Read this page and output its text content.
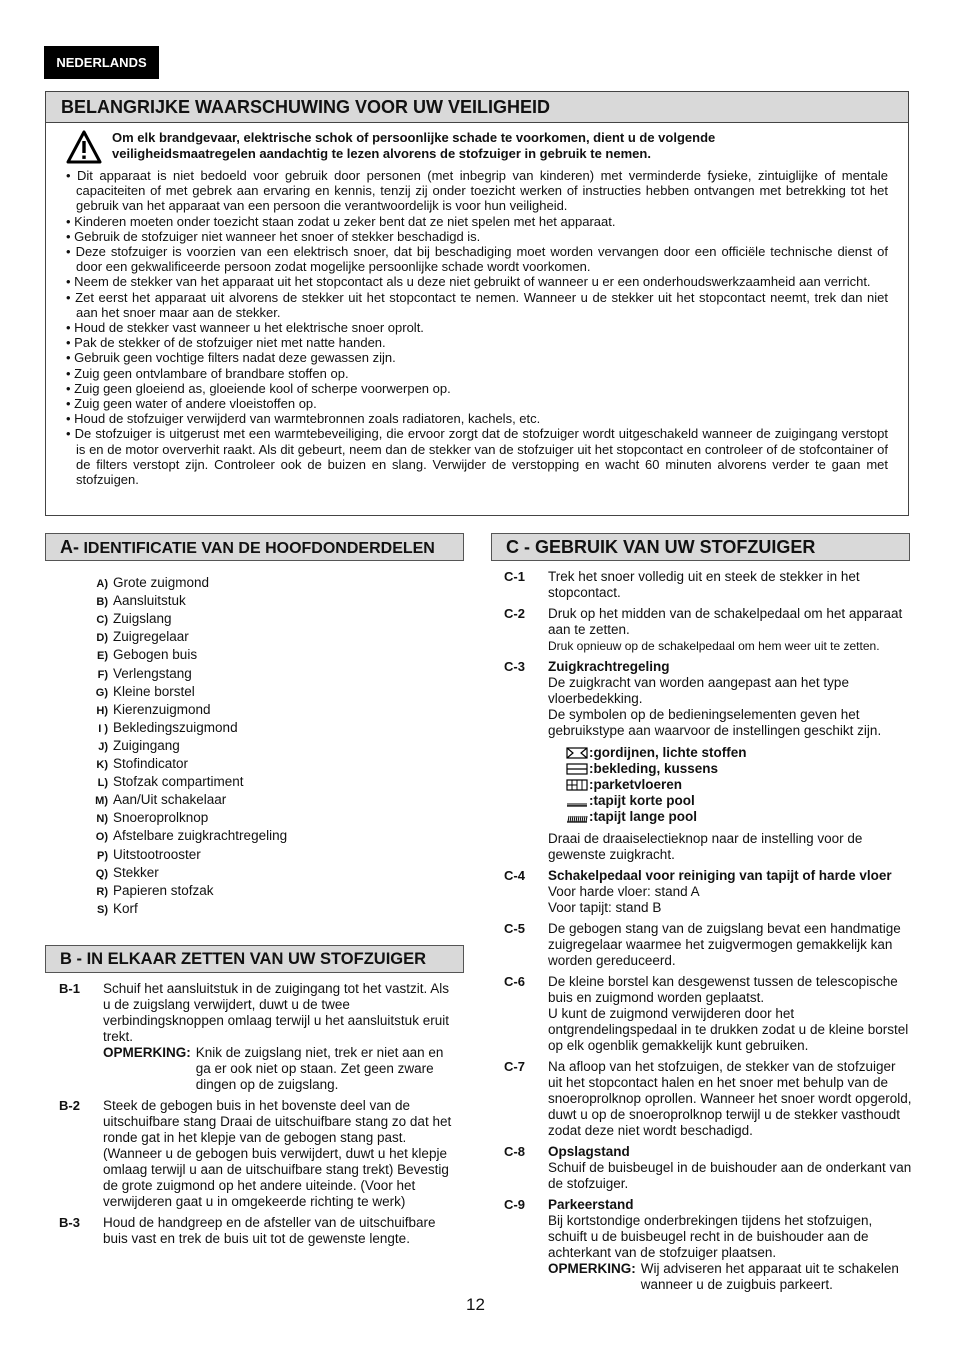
NEDERLANDS
BELANGRIJKE WAARSCHUWING VOOR UW VEILIGHEID
Om elk brandgevaar, elektrische schok of persoonlijke schade te voorkomen, dient u de volgende
veiligheidsmaatregelen aandachtig te lezen alvorens de stofzuiger in gebruik te nemen.
• Dit apparaat is niet bedoeld voor gebruik door personen (met inbegrip van kinderen) met verminderde fysieke, zintuiglijke of mentale capaciteiten of met gebrek aan ervaring en kennis, tenzij zij onder toezicht werken of instructies hebben ontvangen met betrekking tot het gebruik van het apparaat van een persoon die verantwoordelijk is voor hun veiligheid.
• Kinderen moeten onder toezicht staan zodat u zeker bent dat ze niet spelen met het apparaat.
• Gebruik de stofzuiger niet wanneer het snoer of stekker beschadigd is.
• Deze stofzuiger is voorzien van een elektrisch snoer, dat bij beschadiging moet worden vervangen door een officiële technische dienst of door een gekwalificeerde persoon zodat mogelijke persoonlijke schade wordt voorkomen.
• Neem de stekker van het apparaat uit het stopcontact als u deze niet gebruikt of wanneer u er een onderhoudswerkzaamheid aan verricht.
• Zet eerst het apparaat uit alvorens de stekker uit het stopcontact te nemen. Wanneer u de stekker uit het stopcontact neemt, trek dan niet aan het snoer maar aan de stekker.
• Houd de stekker vast wanneer u het elektrische snoer oprolt.
• Pak de stekker of de stofzuiger niet met natte handen.
• Gebruik geen vochtige filters nadat deze gewassen zijn.
• Zuig geen ontvlambare of brandbare stoffen op.
• Zuig geen gloeiend as, gloeiende kool of scherpe voorwerpen op.
• Zuig geen water of andere vloeistoffen op.
• Houd de stofzuiger verwijderd van warmtebronnen zoals radiatoren, kachels, etc.
• De stofzuiger is uitgerust met een warmtebeveiliging, die ervoor zorgt dat de stofzuiger wordt uitgeschakeld wanneer de zuigingang verstopt is en de motor oververhit raakt. Als dit gebeurt, neem dan de stekker van de stofzuiger uit het stopcontact en controleer of de stofcontainer of de filters verstopt zijn. Controleer ook de buizen en slang. Verwijder de verstopping en wacht 60 minuten alvorens verder te gaan met stofzuigen.
A- IDENTIFICATIE VAN DE HOOFDONDERDELEN
A) Grote zuigmond
B) Aansluitstuk
C) Zuigslang
D) Zuigregelaar
E) Gebogen buis
F) Verlengstang
G) Kleine borstel
H) Kierenzuigmond
I ) Bekledingszuigmond
J) Zuigingang
K) Stofindicator
L) Stofzak compartiment
M) Aan/Uit schakelaar
N) Snoeroprolknop
O) Afstelbare zuigkrachtregeling
P) Uitstootrooster
Q) Stekker
R) Papieren stofzak
S) Korf
B - IN ELKAAR ZETTEN VAN UW STOFZUIGER
B-1	Schuif het aansluitstuk in de zuigingang tot het vastzit. Als u de zuigslang verwijdert, duwt u de twee verbindingsknoppen omlaag terwijl u het aansluitstuk eruit trekt.

OPMERKING: Knik de zuigslang niet, trek er niet aan en ga er ook niet op staan. Zet geen zware dingen op de zuigslang.
B-2	Steek de gebogen buis in het bovenste deel van de uitschuifbare stang Draai de uitschuifbare stang zo dat het ronde gat in het klepje van de gebogen stang past. (Wanneer u de gebogen buis verwijdert, duwt u het klepje omlaag terwijl u aan de uitschuifbare stang trekt) Bevestig de grote zuigmond op het andere uiteinde. (Voor het verwijderen gaat u in omgekeerde richting te werk)

B-3	Houd de handgreep en de afsteller van de uitschuifbare buis vast en trek de buis uit tot de gewenste lengte.

C - GEBRUIK VAN UW STOFZUIGER
C-1	Trek het snoer volledig uit en steek de stekker in het stopcontact.

C-2	Druk op het midden van de schakelpedaal om het apparaat aan te zetten.

Druk opnieuw op de schakelpedaal om hem weer uit te zetten.

C-3	Zuigkrachtregeling

De zuigkracht van worden aangepast aan het type vloerbedekking.

De symbolen op de bedieningselementen geven het gebruikstype aan waarvoor de instellingen geschikt zijn.

:gordijnen, lichte stoffen
:bekleding, kussens
:parketvloeren
:tapijt korte pool
:tapijt lange pool

Draai de draaiselectieknop naar de instelling voor de gewenste zuigkracht.

C-4	Schakelpedaal voor reiniging van tapijt of harde vloer

Voor harde vloer: stand A

Voor tapijt: stand B

C-5	De gebogen stang van de zuigslang bevat een handmatige zuigregelaar waarmee het zuigvermogen gemakkelijk kan worden gereduceerd.

C-6	De kleine borstel kan desgewenst tussen de telescopische buis en zuigmond worden geplaatst.

U kunt de zuigmond verwijderen door het ontgrendelingspedaal in te drukken zodat u de kleine borstel op elk ogenblik gemakkelijk kunt gebruiken.

C-7	Na afloop van het stofzuigen, de stekker van de stofzuiger uit het stopcontact halen en het snoer met behulp van de snoeroprolknop oprollen. Wanneer het snoer wordt opgerold, duwt u op de snoeroprolknop terwijl u de stekker vasthoudt zodat deze niet wordt beschadigd.

C-8	Opslagstand

Schuif de buisbeugel in de buishouder aan de onderkant van de stofzuiger.

C-9	Parkeerstand

Bij kortstondige onderbrekingen tijdens het stofzuigen, schuift u de buisbeugel recht in de buishouder aan de achterkant van de stofzuiger plaatsen.

OPMERKING: Wij adviseren het apparaat uit te schakelen wanneer u de zuigbuis parkeert.
12
